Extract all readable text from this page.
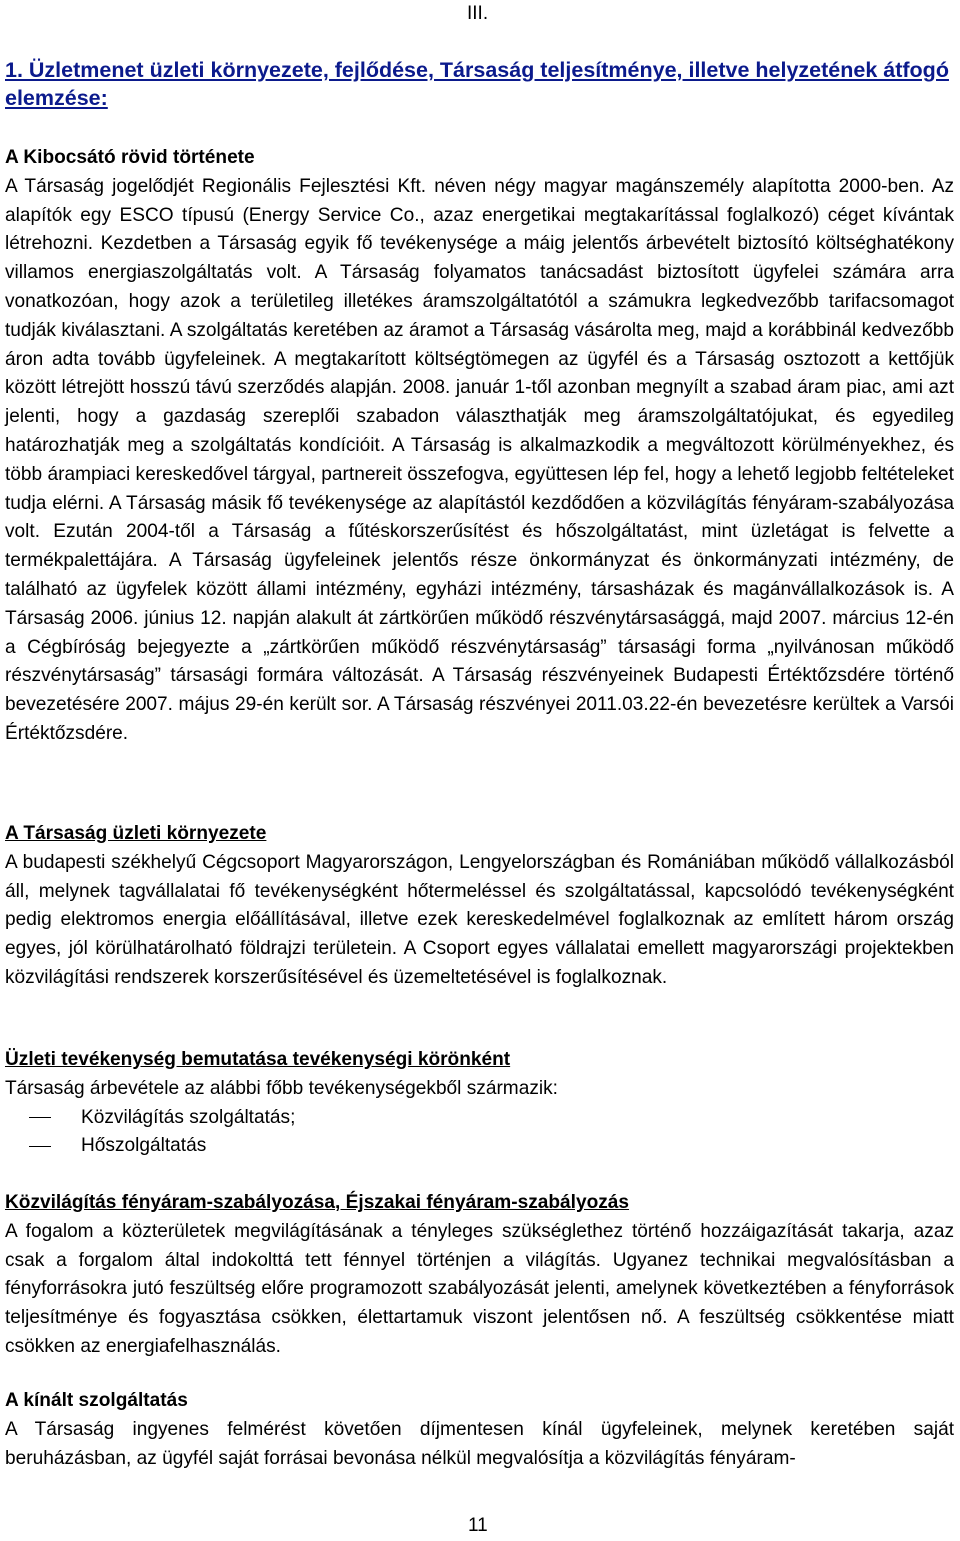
III.
1. Üzletmenet üzleti környezete, fejlődése, Társaság teljesítménye, illetve helyzetének átfogó elemzése:
A Kibocsátó rövid története
A Társaság jogelődjét Regionális Fejlesztési Kft. néven négy magyar magánszemély alapította 2000-ben. Az alapítók egy ESCO típusú (Energy Service Co., azaz energetikai megtakarítással foglalkozó) céget kívántak létrehozni. Kezdetben a Társaság egyik fő tevékenysége a máig jelentős árbevételt biztosító költséghatékony villamos energiaszolgáltatás volt. A Társaság folyamatos tanácsadást biztosított ügyfelei számára arra vonatkozóan, hogy azok a területileg illetékes áramszolgáltatótól a számukra legkedvezőbb tarifacsomagot tudják kiválasztani. A szolgáltatás keretében az áramot a Társaság vásárolta meg, majd a korábbinál kedvezőbb áron adta tovább ügyfeleinek. A megtakarított költségtömegen az ügyfél és a Társaság osztozott a kettőjük között létrejött hosszú távú szerződés alapján. 2008. január 1-től azonban megnyílt a szabad áram piac, ami azt jelenti, hogy a gazdaság szereplői szabadon választhatják meg áramszolgáltatójukat, és egyedileg határozhatják meg a szolgáltatás kondícióit. A Társaság is alkalmazkodik a megváltozott körülményekhez, és több árampiaci kereskedővel tárgyal, partnereit összefogva, együttesen lép fel, hogy a lehető legjobb feltételeket tudja elérni. A Társaság másik fő tevékenysége az alapítástól kezdődően a közvilágítás fényáram-szabályozása volt. Ezután 2004-től a Társaság a fűtéskorszerűsítést és hőszolgáltatást, mint üzletágat is felvette a termékpalettájára. A Társaság ügyfeleinek jelentős része önkormányzat és önkormányzati intézmény, de található az ügyfelek között állami intézmény, egyházi intézmény, társasházak és magánvállalkozások is. A Társaság 2006. június 12. napján alakult át zártkörűen működő részvénytársasággá, majd 2007. március 12-én a Cégbíróság bejegyezte a „zártkörűen működő részvénytársaság” társasági forma „nyilvánosan működő részvénytársaság” társasági formára változását. A Társaság részvényeinek Budapesti Értéktőzsdére történő bevezetésére 2007. május 29-én került sor. A Társaság részvényei 2011.03.22-én bevezetésre kerültek a Varsói Értéktőzsdére.
A Társaság üzleti környezete
A budapesti székhelyű Cégcsoport Magyarországon, Lengyelországban és Romániában működő vállalkozásból áll, melynek tagvállalatai fő tevékenységként hőtermeléssel és szolgáltatással, kapcsolódó tevékenységként pedig elektromos energia előállításával, illetve ezek kereskedelmével foglalkoznak az említett három ország egyes, jól körülhatárolható földrajzi területein. A Csoport egyes vállalatai emellett magyarországi projektekben közvilágítási rendszerek korszerűsítésével és üzemeltetésével is foglalkoznak.
Üzleti tevékenység bemutatása tevékenységi körönként
Társaság árbevétele az alábbi főbb tevékenységekből származik:
Közvilágítás szolgáltatás;
Hőszolgáltatás
Közvilágítás fényáram-szabályozása, Éjszakai fényáram-szabályozás
A fogalom a közterületek megvilágításának a tényleges szükséglethez történő hozzáigazítását takarja, azaz csak a forgalom által indokolttá tett fénnyel történjen a világítás. Ugyanez technikai megvalósításban a fényforrásokra jutó feszültség előre programozott szabályozását jelenti, amelynek következtében a fényforrások teljesítménye és fogyasztása csökken, élettartamuk viszont jelentősen nő. A feszültség csökkentése miatt csökken az energiafelhasználás.
A kínált szolgáltatás
A Társaság ingyenes felmérést követően díjmentesen kínál ügyfeleinek, melynek keretében saját beruházásban, az ügyfél saját forrásai bevonása nélkül megvalósítja a közvilágítás fényáram-
11
